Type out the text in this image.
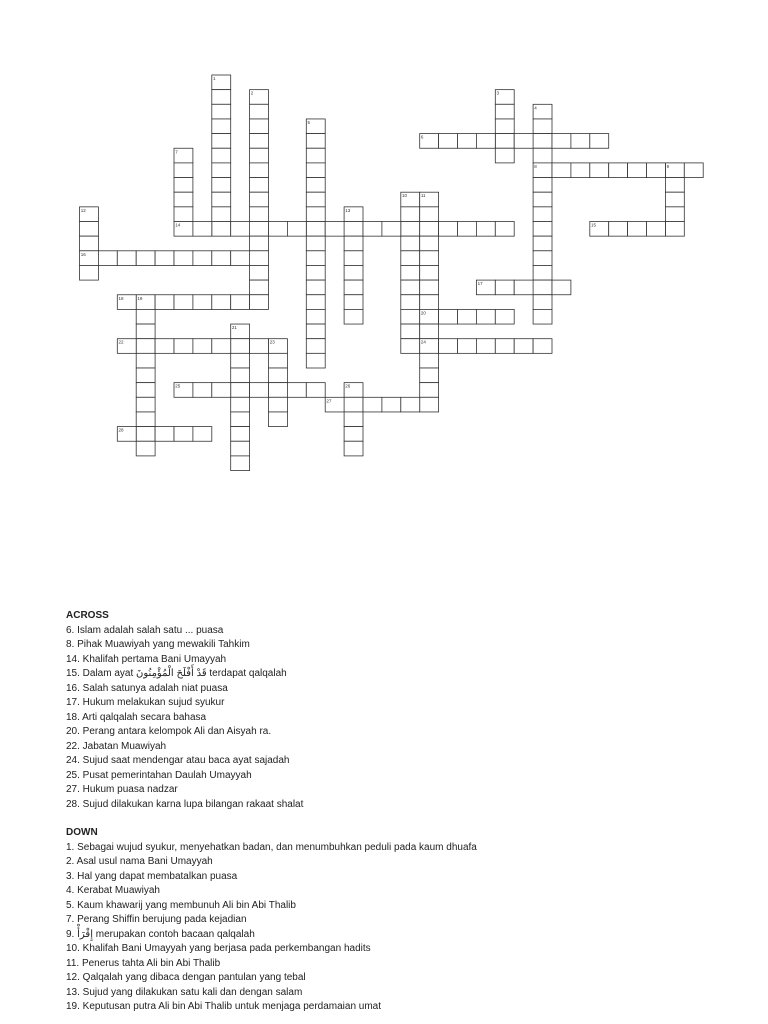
1
2	3
4
5
6
7
8	9
10	11
12	13
14	15
16
17
18	19
20
21
22	23	24
25	26
27
28
ACROSS
6. Islam adalah salah satu ... puasa
8. Pihak Muawiyah yang mewakili Tahkim
14. Khalifah pertama Bani Umayyah
15. Dalam ayat قَدْ أَفْلَحَ الْمُؤْمِنُونَ terdapat qalqalah
16. Salah satunya adalah niat puasa
17. Hukum melakukan sujud syukur
18. Arti qalqalah secara bahasa
20. Perang antara kelompok Ali dan Aisyah ra.
22. Jabatan Muawiyah
24. Sujud saat mendengar atau baca ayat sajadah
25. Pusat pemerintahan Daulah Umayyah
27. Hukum puasa nadzar
28. Sujud dilakukan karna lupa bilangan rakaat shalat
DOWN
1. Sebagai wujud syukur, menyehatkan badan, dan menumbuhkan peduli pada kaum dhuafa
2. Asal usul nama Bani Umayyah
3. Hal yang dapat membatalkan puasa
4. Kerabat Muawiyah
5. Kaum khawarij yang membunuh Ali bin Abi Thalib
7. Perang Shiffin berujung pada kejadian
9. إِقْرَأْ merupakan contoh bacaan qalqalah
10. Khalifah Bani Umayyah yang berjasa pada perkembangan hadits
11. Penerus tahta Ali bin Abi Thalib
12. Qalqalah yang dibaca dengan pantulan yang tebal
13. Sujud yang dilakukan satu kali dan dengan salam
19. Keputusan putra Ali bin Abi Thalib untuk menjaga perdamaian umat
